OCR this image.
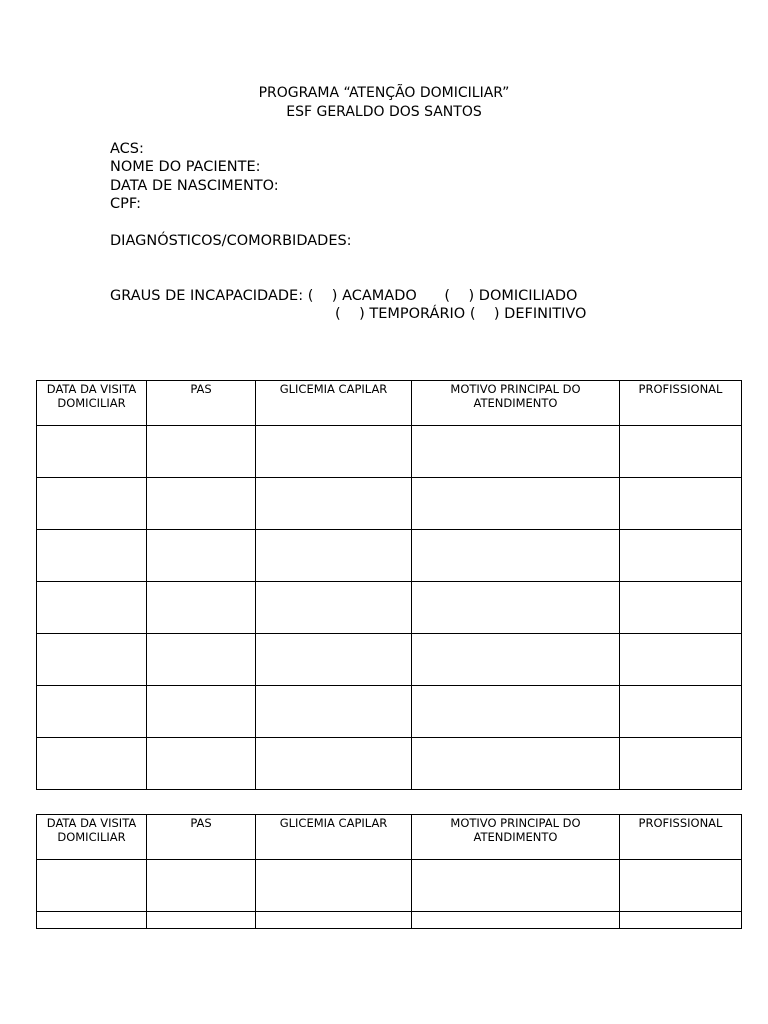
PROGRAMA “ATENÇÃO DOMICILIAR”
ESF GERALDO DOS SANTOS
ACS:
NOME DO PACIENTE:
DATA DE NASCIMENTO:
CPF:
DIAGNÓSTICOS/COMORBIDADES:
GRAUS DE INCAPACIDADE: (    ) ACAMADO      (    ) DOMICILIADO
(    ) TEMPORÁRIO (    ) DEFINITIVO
DATA DA VISITA DOMICILIAR	PAS	GLICEMIA CAPILAR	MOTIVO PRINCIPAL DO ATENDIMENTO	PROFISSIONAL

DATA DA VISITA DOMICILIAR	PAS	GLICEMIA CAPILAR	MOTIVO PRINCIPAL DO ATENDIMENTO	PROFISSIONAL
